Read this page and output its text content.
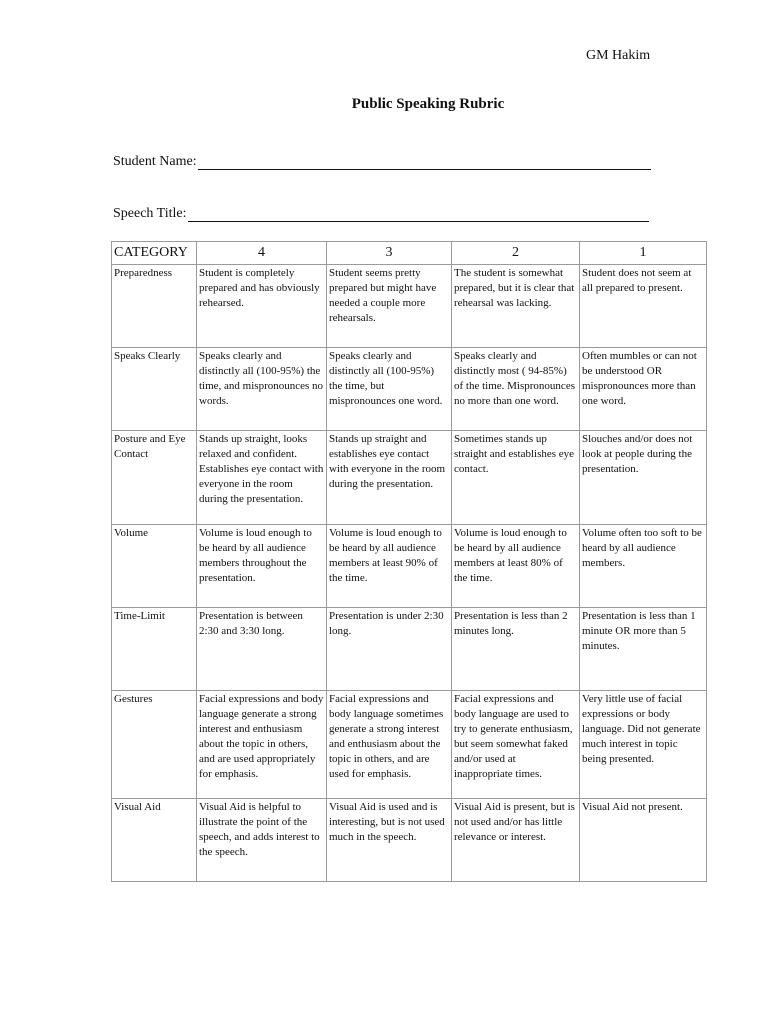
GM Hakim
Public Speaking Rubric
Student Name:
Speech Title:
CATEGORY	4	3	2	1
Preparedness	Student is completely prepared and has obviously rehearsed.	Student seems pretty prepared but might have needed a couple more rehearsals.	The student is somewhat prepared, but it is clear that rehearsal was lacking.	Student does not seem at all prepared to present.
Speaks Clearly	Speaks clearly and distinctly all (100-95%) the time, and mispronounces no words.	Speaks clearly and distinctly all (100-95%) the time, but mispronounces one word.	Speaks clearly and distinctly most ( 94-85%) of the time. Mispronounces no more than one word.	Often mumbles or can not be understood OR mispronounces more than one word.
Posture and Eye Contact	Stands up straight, looks relaxed and confident. Establishes eye contact with everyone in the room during the presentation.	Stands up straight and establishes eye contact with everyone in the room during the presentation.	Sometimes stands up straight and establishes eye contact.	Slouches and/or does not look at people during the presentation.
Volume	Volume is loud enough to be heard by all audience members throughout the presentation.	Volume is loud enough to be heard by all audience members at least 90% of the time.	Volume is loud enough to be heard by all audience members at least 80% of the time.	Volume often too soft to be heard by all audience members.
Time-Limit	Presentation is between 2:30 and 3:30 long.	Presentation is under 2:30 long.	Presentation is less than 2 minutes long.	Presentation is less than 1 minute OR more than 5 minutes.
Gestures	Facial expressions and body language generate a strong interest and enthusiasm about the topic in others, and are used appropriately for emphasis.	Facial expressions and body language sometimes generate a strong interest and enthusiasm about the topic in others, and are used for emphasis.	Facial expressions and body language are used to try to generate enthusiasm, but seem somewhat faked and/or used at inappropriate times.	Very little use of facial expressions or body language. Did not generate much interest in topic being presented.
Visual Aid	Visual Aid is helpful to illustrate the point of the speech, and adds interest to the speech.	Visual Aid is used and is interesting, but is not used much in the speech.	Visual Aid is present, but is not used and/or has little relevance or interest.	Visual Aid not present.
